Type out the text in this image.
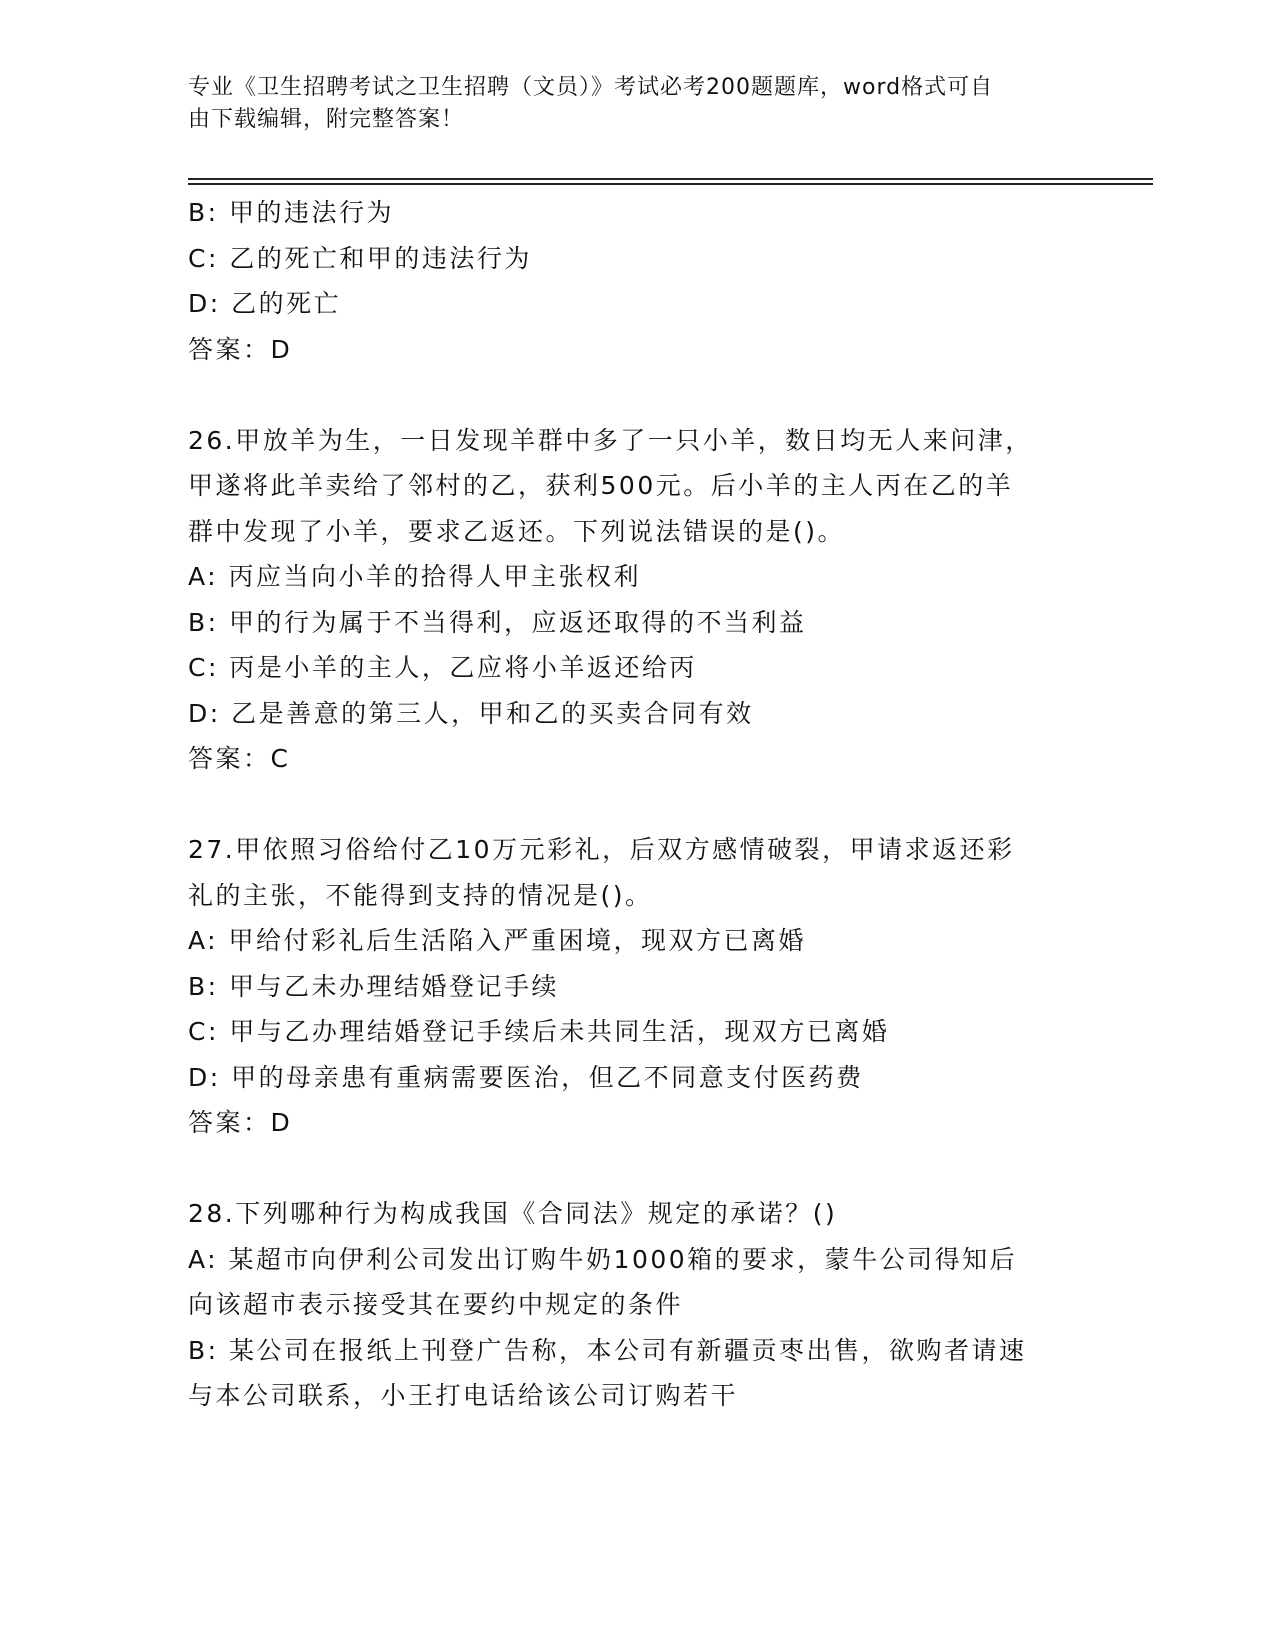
专业《卫生招聘考试之卫生招聘（文员）》考试必考200题题库，word格式可自
由下载编辑，附完整答案！
B: 甲的违法行为
C: 乙的死亡和甲的违法行为
D: 乙的死亡
答案：D
26.甲放羊为生，一日发现羊群中多了一只小羊，数日均无人来问津，
甲遂将此羊卖给了邻村的乙，获利500元。后小羊的主人丙在乙的羊
群中发现了小羊，要求乙返还。下列说法错误的是()。
A: 丙应当向小羊的拾得人甲主张权利
B: 甲的行为属于不当得利，应返还取得的不当利益
C: 丙是小羊的主人，乙应将小羊返还给丙
D: 乙是善意的第三人，甲和乙的买卖合同有效
答案：C
27.甲依照习俗给付乙10万元彩礼，后双方感情破裂，甲请求返还彩
礼的主张，不能得到支持的情况是()。
A: 甲给付彩礼后生活陷入严重困境，现双方已离婚
B: 甲与乙未办理结婚登记手续
C: 甲与乙办理结婚登记手续后未共同生活，现双方已离婚
D: 甲的母亲患有重病需要医治，但乙不同意支付医药费
答案：D
28.下列哪种行为构成我国《合同法》规定的承诺？()
A: 某超市向伊利公司发出订购牛奶1000箱的要求，蒙牛公司得知后
向该超市表示接受其在要约中规定的条件
B: 某公司在报纸上刊登广告称，本公司有新疆贡枣出售，欲购者请速
与本公司联系，小王打电话给该公司订购若干
